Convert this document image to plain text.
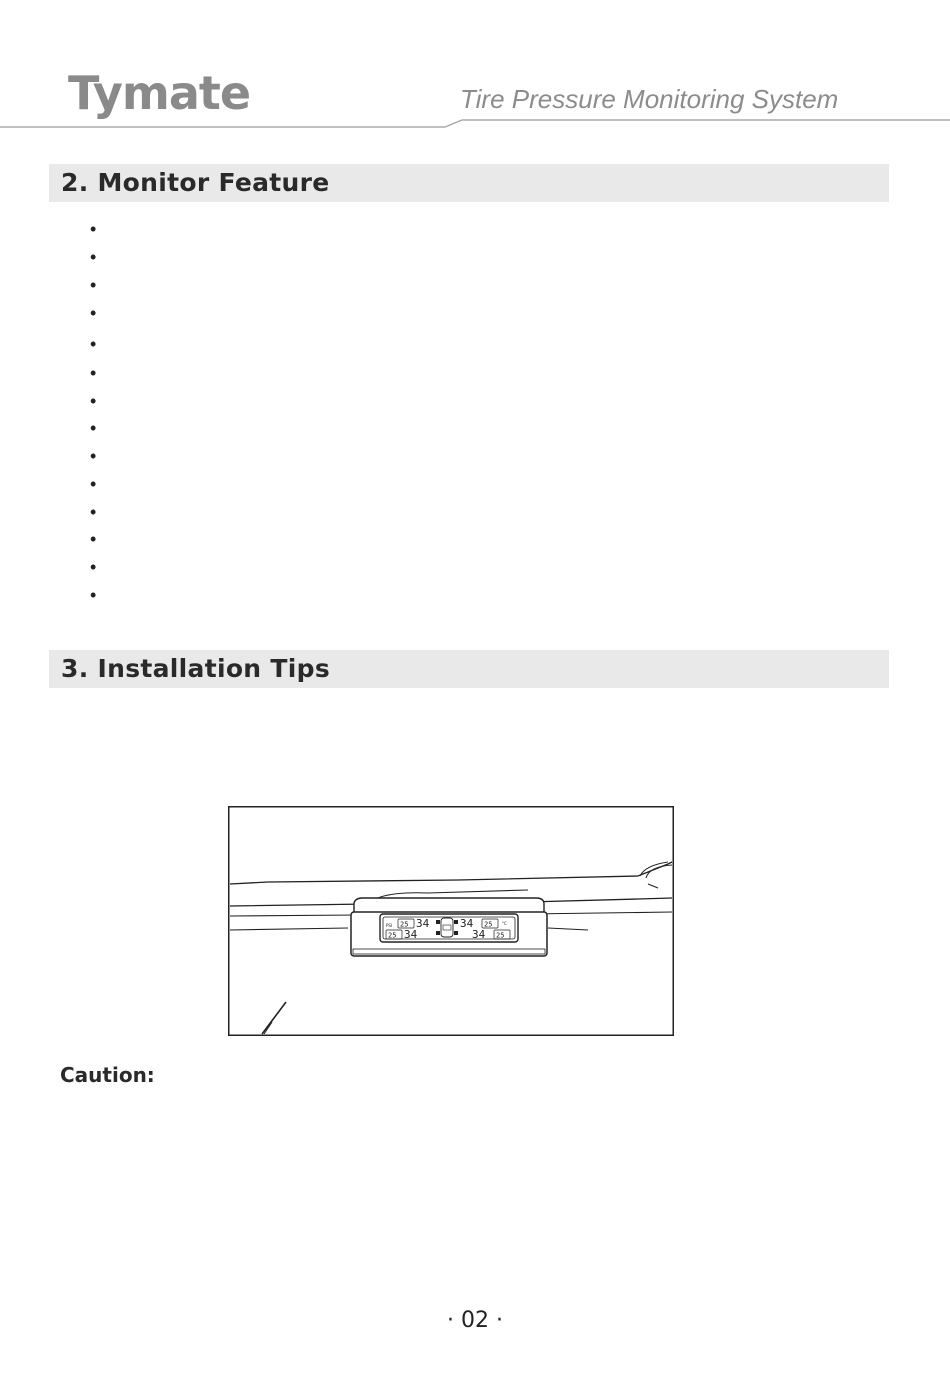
Tymate	Tire Pressure Monitoring System
2. Monitor Feature
•
•
•
•
•
•
•
•
•
•
•
•
•
•
3. Installation Tips
PSI	°C
25 34	34 25
25 34	34 25
Caution:
· 02 ·
